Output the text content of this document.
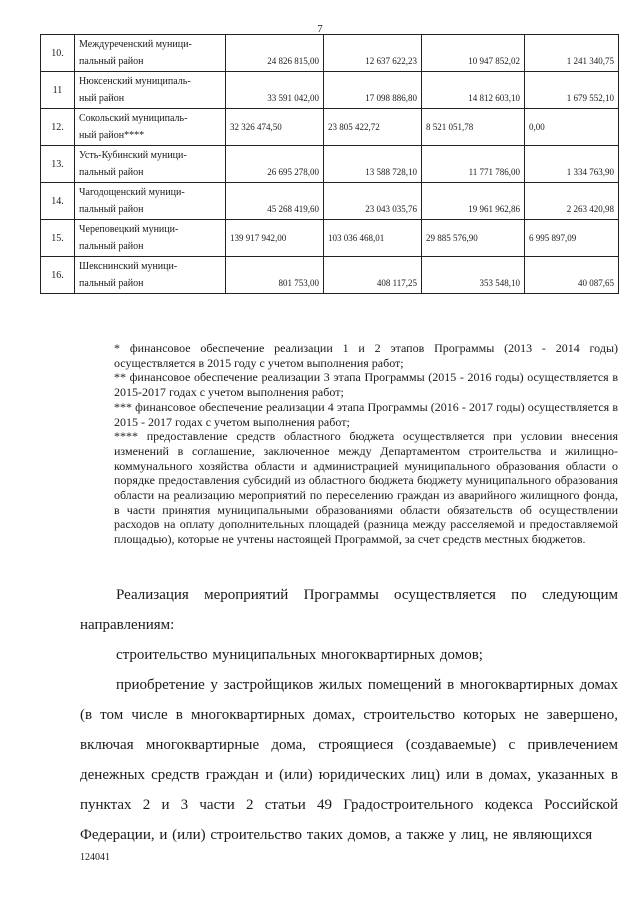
7
10.	Междуреченский муници-
пальный район	24 826 815,00	12 637 622,23	10 947 852,02	1 241 340,75
11	Нюксенский муниципаль-
ный район	33 591 042,00	17 098 886,80	14 812 603,10	1 679 552,10
12.	Сокольский муниципаль-
ный район****	32 326 474,50	23 805 422,72	8 521 051,78	0,00
13.	Усть-Кубинский муници-
пальный район	26 695 278,00	13 588 728,10	11 771 786,00	1 334 763,90
14.	Чагодощенский муници-
пальный район	45 268 419,60	23 043 035,76	19 961 962,86	2 263 420,98
15.	Череповецкий муници-
пальный район	139 917 942,00	103 036 468,01	29 885 576,90	6 995 897,09
16.	Шекснинский муници-
пальный район	801 753,00	408 117,25	353 548,10	40 087,65

* финансовое обеспечение реализации 1 и 2 этапов Программы (2013 - 2014 годы) осуществляется в 2015 году с учетом выполнения работ;

** финансовое обеспечение реализации 3 этапа Программы (2015 - 2016 годы) осуществляется в 2015-2017 годах с учетом выполнения работ;

*** финансовое обеспечение реализации 4 этапа Программы (2016 - 2017 годы) осуществляется в 2015 - 2017 годах с учетом выполнения работ;

**** предоставление средств областного бюджета осуществляется при условии внесения изменений в соглашение, заключенное между Департаментом строительства и жилищно-коммунального хозяйства области и администрацией муниципального образования области о порядке предоставления субсидий из областного бюджета бюджету муниципального образования области на реализацию мероприятий по переселению граждан из аварийного жилищного фонда, в части принятия муниципальными образованиями области обязательств об осуществлении расходов на оплату дополнительных площадей (разница между расселяемой и предоставляемой площадью), которые не учтены настоящей Программой, за счет средств местных бюджетов.

Реализация мероприятий Программы осуществляется по следующим направлениям:

строительство муниципальных многоквартирных домов;

приобретение у застройщиков жилых помещений в многоквартирных домах (в том числе в многоквартирных домах, строительство которых не завершено, включая многоквартирные дома, строящиеся (создаваемые) с привлечением денежных средств граждан и (или) юридических лиц) или в домах, указанных в пунктах 2 и 3 части 2 статьи 49 Градостроительного кодекса Российской Федерации, и (или) строительство таких домов, а также у лиц, не являющихся

124041
